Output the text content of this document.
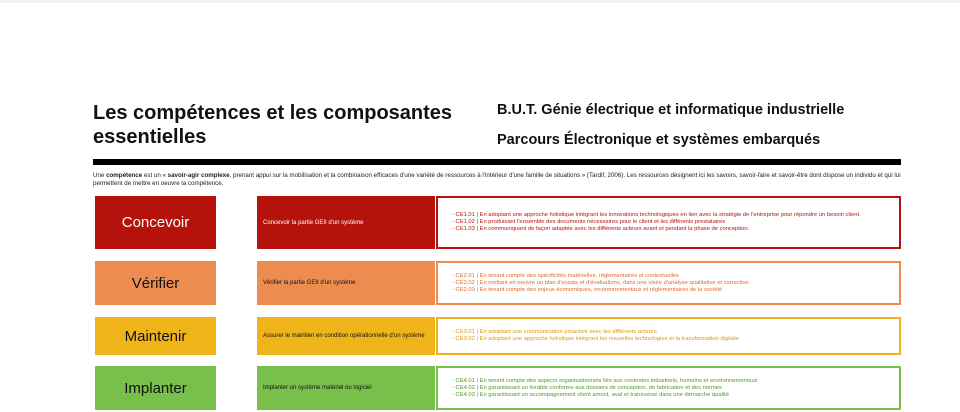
Les compétences et les composantes essentielles
B.U.T. Génie électrique et informatique industrielle
Parcours Électronique et systèmes embarqués
Une compétence est un « savoir-agir complexe, prenant appui sur la mobilisation et la combinaison efficaces d'une variété de ressources à l'intérieur d'une famille de situations » (Tardif, 2006). Les ressources désignent ici les savoirs, savoir-faire et savoir-être dont dispose un individu et qui lui permettent de mettre en oeuvre la compétence.
Concevoir	Concevoir la partie GEII d'un système
- CE1.01 | En adoptant une approche holistique intégrant les innovations technologiques en lien avec la stratégie de l'entreprise pour répondre un besoin client.
- CE1.02 | En produisant l'ensemble des documents nécessaires pour le client et les différents prestataires
- CE1.03 | En communiquant de façon adaptée avec les différents acteurs avant et pendant la phase de conception.
Vérifier	Vérifier la partie GEII d'un système
- CE2.01 | En tenant compte des spécificités matérielles, réglementaires et contextuelles
- CE2.02 | En mettant en oeuvre un plan d'essais et d'évaluations, dans une visée d'analyse qualitative et corrective
- CE2.03 | En tenant compte des enjeux économiques, environnementaux et réglementaires de la société
Maintenir	Assurer le maintien en condition opérationnelle d'un système
- CE3.01 | En adoptant une communication proactive avec les différents acteurs
- CE3.02 | En adoptant une approche holistique intégrant les nouvelles technologies et la transformation digitale
Implanter	Implanter un système matériel ou logiciel
- CE4.01 | En tenant compte des aspects organisationnels liés aux contextes industriels, humains et environnementaux
- CE4.02 | En garantissant un livrable conforme aux dossiers de conception, de fabrication et des normes
- CE4.03 | En garantissant un accompagnement client amont, aval et transverse dans une démarche qualité
